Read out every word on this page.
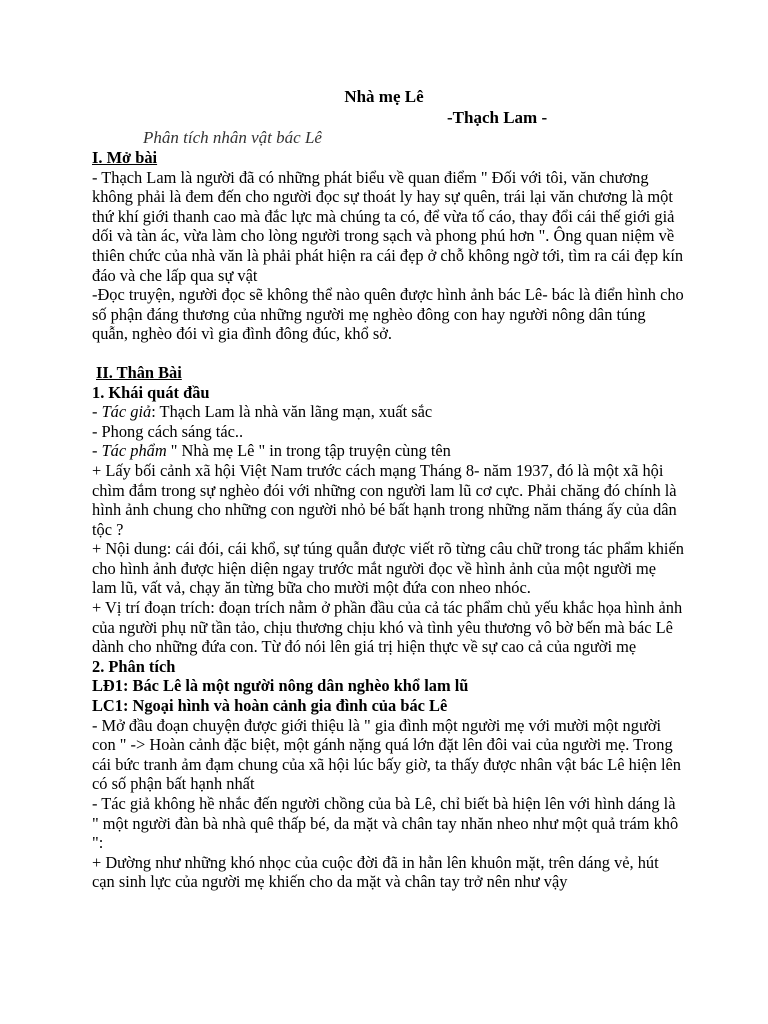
Nhà mẹ Lê
-Thạch Lam -
Phân tích nhân vật bác Lê

I. Mở bài

- Thạch Lam là người đã có những phát biểu về quan điểm " Đối với tôi, văn chương không phải là đem đến cho người đọc sự thoát ly hay sự quên, trái lại văn chương là một thứ khí giới thanh cao mà đắc lực mà chúng ta có, để vừa tố cáo, thay đổi cái thế giới giả dối và tàn ác, vừa làm cho lòng người trong sạch và phong phú hơn ". Ông quan niệm về thiên chức của nhà văn là phải phát hiện ra cái đẹp ở chỗ không ngờ tới, tìm ra cái đẹp kín đáo và che lấp qua sự vật

-Đọc truyện, người đọc sẽ không thể nào quên được hình ảnh bác Lê- bác là điển hình cho số phận đáng thương của những người mẹ nghèo đông con hay người nông dân túng quẫn, nghèo đói vì gia đình đông đúc, khổ sở.

II. Thân Bài

1. Khái quát đầu

- Tác giả: Thạch Lam là nhà văn lãng mạn, xuất sắc

- Phong cách sáng tác..

- Tác phẩm " Nhà mẹ Lê " in trong tập truyện cùng tên

+ Lấy bối cảnh xã hội Việt Nam trước cách mạng Tháng 8- năm 1937, đó là một xã hội chìm đắm trong sự nghèo đói với những con người lam lũ cơ cực. Phải chăng đó chính là hình ảnh chung cho những con người nhỏ bé bất hạnh trong những năm tháng ấy của dân tộc ?

+ Nội dung: cái đói, cái khổ, sự túng quẫn được viết rõ từng câu chữ trong tác phẩm khiến cho hình ảnh được hiện diện ngay trước mắt người đọc về hình ảnh của một người mẹ lam lũ, vất vả, chạy ăn từng bữa cho mười một đứa con nheo nhóc.

+ Vị trí đoạn trích: đoạn trích nằm ở phần đầu của cả tác phẩm chủ yếu khắc họa hình ảnh của người phụ nữ tần tảo, chịu thương chịu khó và tình yêu thương vô bờ bến mà bác Lê dành cho những đứa con. Từ đó nói lên giá trị hiện thực về sự cao cả của người mẹ

2. Phân tích

LĐ1: Bác Lê là một người nông dân nghèo khổ lam lũ

LC1: Ngoại hình và hoàn cảnh gia đình của bác Lê

- Mở đầu đoạn chuyện được giới thiệu là " gia đình một người mẹ với mười một người con " -> Hoàn cảnh đặc biệt, một gánh nặng quá lớn đặt lên đôi vai của người mẹ. Trong cái bức tranh ảm đạm chung của xã hội lúc bấy giờ, ta thấy được nhân vật bác Lê hiện lên có số phận bất hạnh nhất

- Tác giả không hề nhắc đến người chồng của bà Lê, chỉ biết bà hiện lên với hình dáng là " một người đàn bà nhà quê thấp bé, da mặt và chân tay nhăn nheo như một quả trám khô ":

+ Dường như những khó nhọc của cuộc đời đã in hằn lên khuôn mặt, trên dáng vẻ, hút cạn sinh lực của người mẹ khiến cho da mặt và chân tay trở nên như vậy
